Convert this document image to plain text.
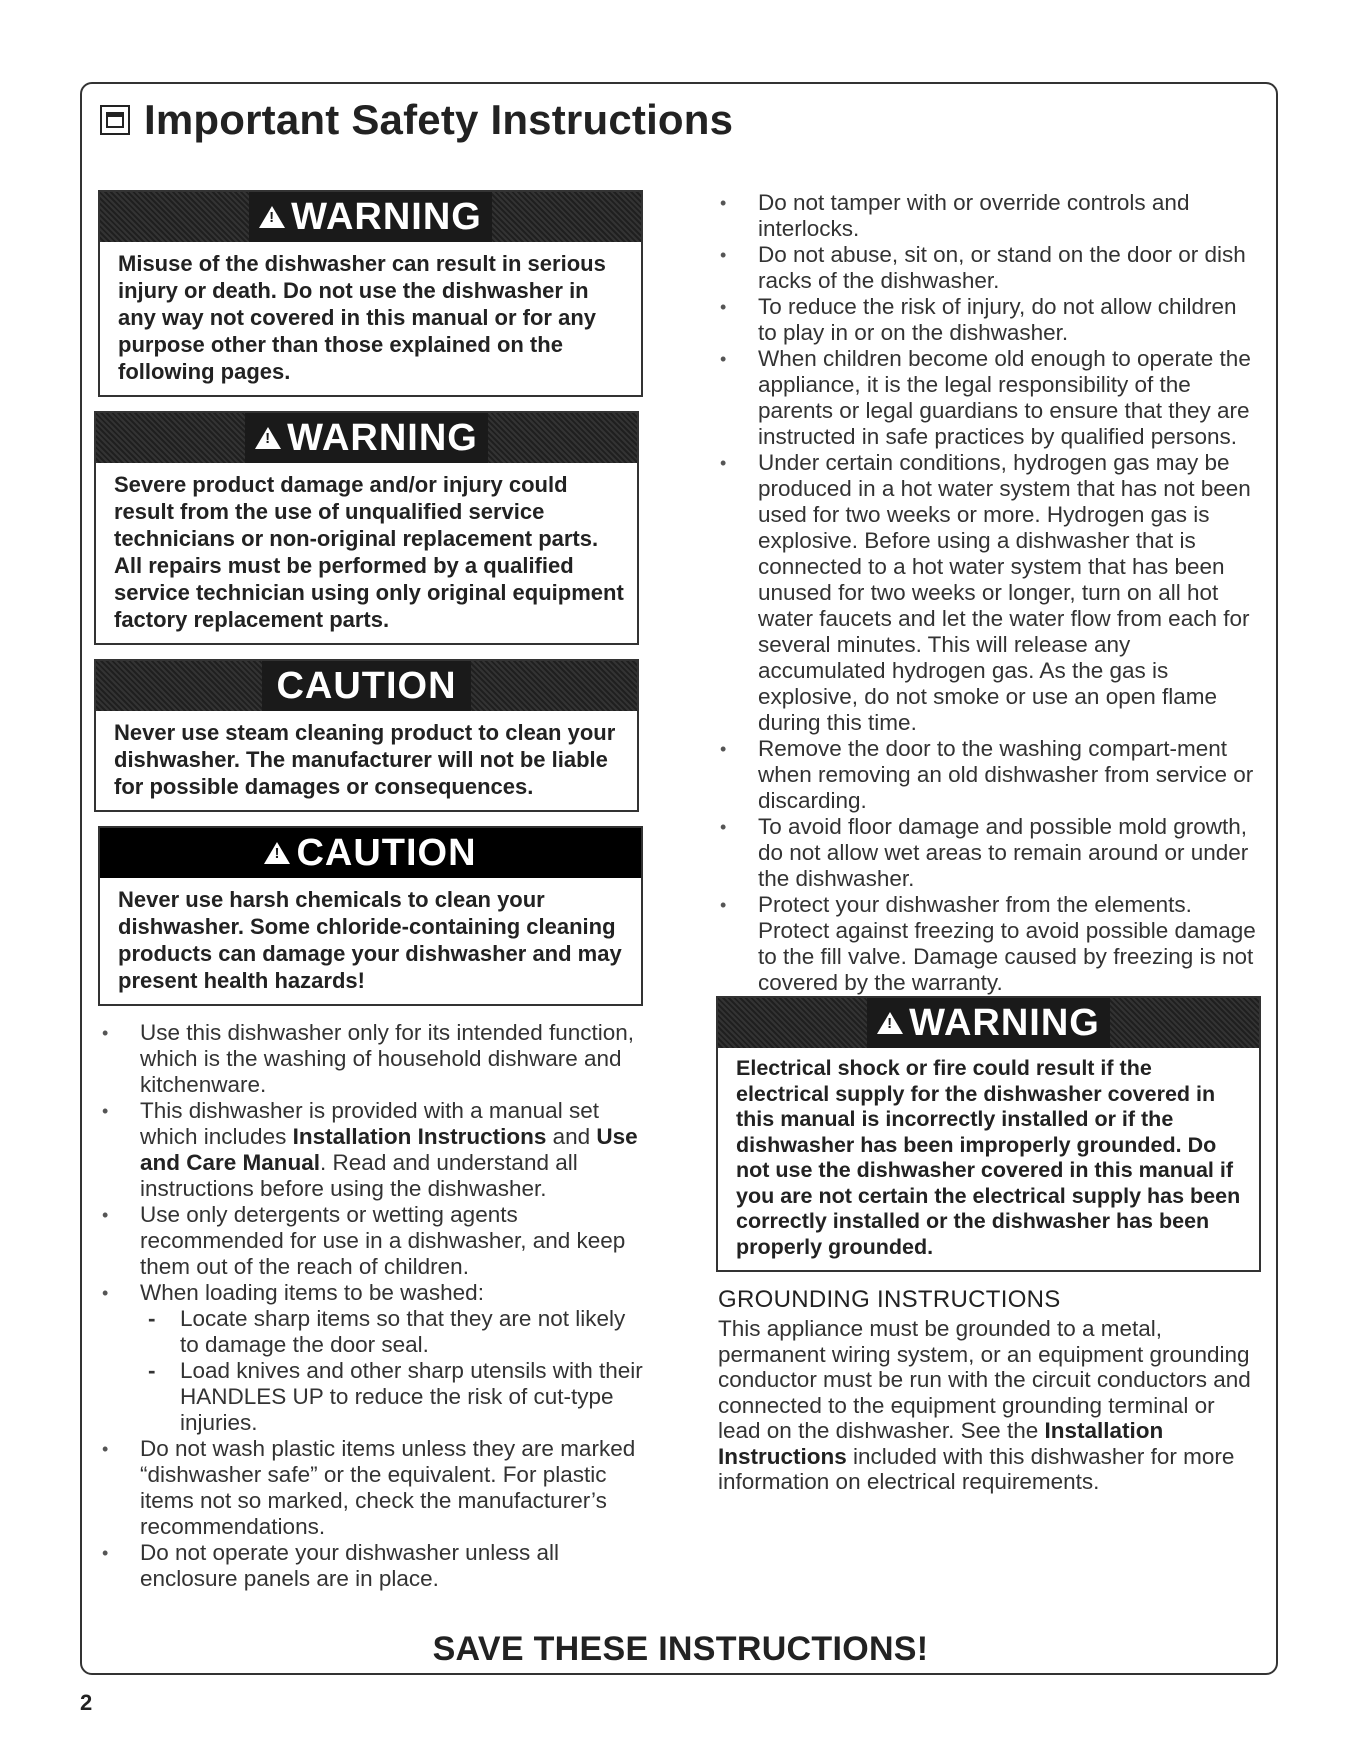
Important Safety Instructions
!
WARNING
Misuse of the dishwasher can result in serious injury or death. Do not use the dishwasher in any way not covered in this manual or for any purpose other than those explained on the following pages.
!
WARNING
Severe product damage and/or injury could result from the use of unqualified service technicians or non-original replacement parts. All repairs must be performed by a qualified service technician using only original equipment factory replacement parts.
CAUTION
Never use steam cleaning product to clean your dishwasher. The manufacturer will not be liable for possible damages or consequences.
!
CAUTION
Never use harsh chemicals to clean your dishwasher. Some chloride-containing cleaning products can damage your dishwasher and may present health hazards!
• Use this dishwasher only for its intended function, which is the washing of household dishware and kitchenware.
• This dishwasher is provided with a manual set which includes Installation Instructions and Use and Care Manual. Read and understand all instructions before using the dishwasher.
• Use only detergents or wetting agents recommended for use in a dishwasher, and keep them out of the reach of children.
• When loading items to be washed:
- Locate sharp items so that they are not likely to damage the door seal.
- Load knives and other sharp utensils with their HANDLES UP to reduce the risk of cut-type injuries.
• Do not wash plastic items unless they are marked “dishwasher safe” or the equivalent. For plastic items not so marked, check the manufacturer’s recommendations.
• Do not operate your dishwasher unless all enclosure panels are in place.
• Do not tamper with or override controls and interlocks.
• Do not abuse, sit on, or stand on the door or dish racks of the dishwasher.
• To reduce the risk of injury, do not allow children to play in or on the dishwasher.
• When children become old enough to operate the appliance, it is the legal responsibility of the parents or legal guardians to ensure that they are instructed in safe practices by qualified persons.
• Under certain conditions, hydrogen gas may be produced in a hot water system that has not been used for two weeks or more. Hydrogen gas is explosive. Before using a dishwasher that is connected to a hot water system that has been unused for two weeks or longer, turn on all hot water faucets and let the water flow from each for several minutes. This will release any accumulated hydrogen gas. As the gas is explosive, do not smoke or use an open flame during this time.
• Remove the door to the washing compart-ment when removing an old dishwasher from service or discarding.
• To avoid floor damage and possible mold growth, do not allow wet areas to remain around or under the dishwasher.
• Protect your dishwasher from the elements. Protect against freezing to avoid possible damage to the fill valve. Damage caused by freezing is not covered by the warranty.
!
WARNING
Electrical shock or fire could result if the electrical supply for the dishwasher covered in this manual is incorrectly installed or if the dishwasher has been improperly grounded. Do not use the dishwasher covered in this manual if you are not certain the electrical supply has been correctly installed or the dishwasher has been properly grounded.
GROUNDING INSTRUCTIONS
This appliance must be grounded to a metal, permanent wiring system, or an equipment grounding conductor must be run with the circuit conductors and connected to the equipment grounding terminal or lead on the dishwasher. See the Installation Instructions included with this dishwasher for more information on electrical requirements.
SAVE THESE INSTRUCTIONS!
2
